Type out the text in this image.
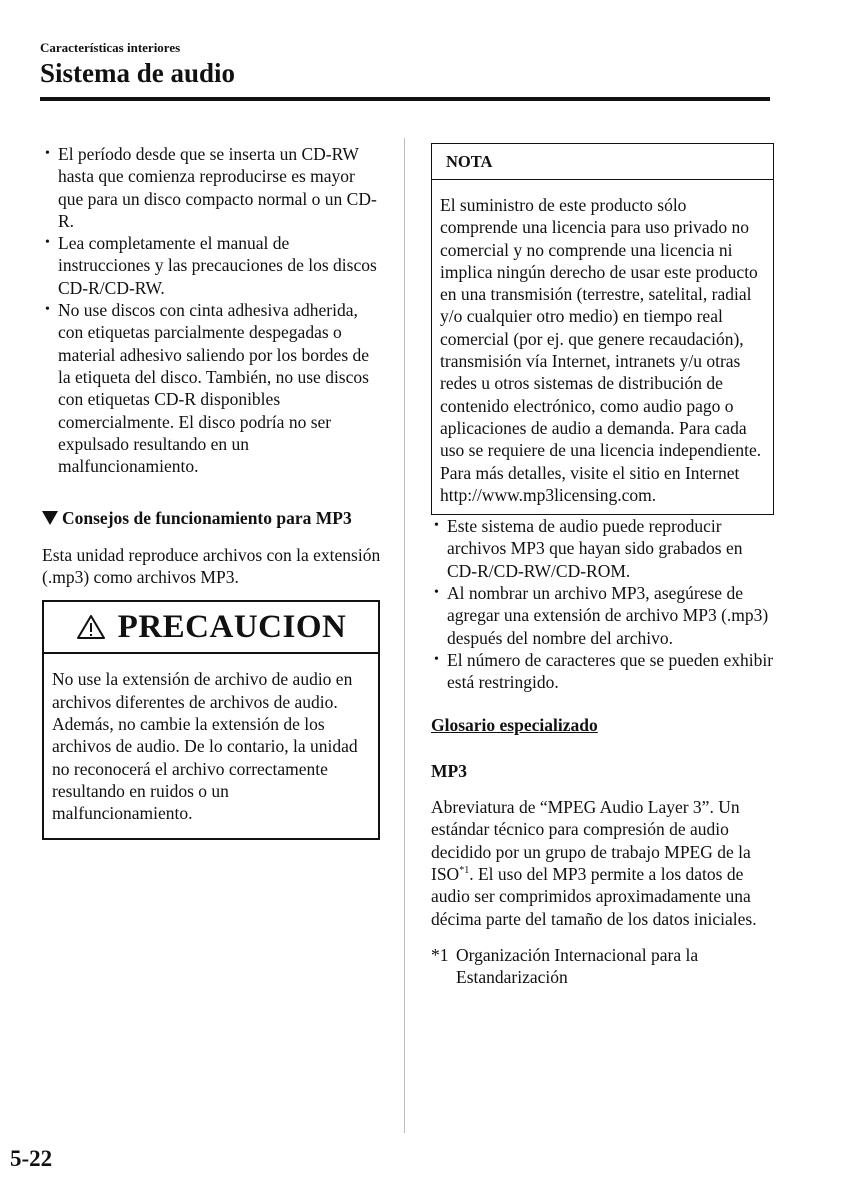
Características interiores
Sistema de audio
• El período desde que se inserta un CD-RW hasta que comienza reproducirse es mayor que para un disco compacto normal o un CD-R.
• Lea completamente el manual de instrucciones y las precauciones de los discos CD-R/CD-RW.
• No use discos con cinta adhesiva adherida, con etiquetas parcialmente despegadas o material adhesivo saliendo por los bordes de la etiqueta del disco. También, no use discos con etiquetas CD-R disponibles comercialmente. El disco podría no ser expulsado resultando en un malfuncionamiento.
Consejos de funcionamiento para MP3
Esta unidad reproduce archivos con la extensión (.mp3) como archivos MP3.
PRECAUCION
No use la extensión de archivo de audio en archivos diferentes de archivos de audio. Además, no cambie la extensión de los archivos de audio. De lo contario, la unidad no reconocerá el archivo correctamente resultando en ruidos o un malfuncionamiento.
NOTA
El suministro de este producto sólo comprende una licencia para uso privado no comercial y no comprende una licencia ni implica ningún derecho de usar este producto en una transmisión (terrestre, satelital, radial y/o cualquier otro medio) en tiempo real comercial (por ej. que genere recaudación), transmisión vía Internet, intranets y/u otras redes u otros sistemas de distribución de contenido electrónico, como audio pago o aplicaciones de audio a demanda. Para cada uso se requiere de una licencia independiente. Para más detalles, visite el sitio en Internet http://www.mp3licensing.com.
• Este sistema de audio puede reproducir archivos MP3 que hayan sido grabados en CD-R/CD-RW/CD-ROM.
• Al nombrar un archivo MP3, asegúrese de agregar una extensión de archivo MP3 (.mp3) después del nombre del archivo.
• El número de caracteres que se pueden exhibir está restringido.
Glosario especializado
MP3
Abreviatura de “MPEG Audio Layer 3”. Un estándar técnico para compresión de audio decidido por un grupo de trabajo MPEG de la ISO$^{*1}$. El uso del MP3 permite a los datos de audio ser comprimidos aproximadamente una décima parte del tamaño de los datos iniciales.
*1 Organización Internacional para la Estandarización
5-22
